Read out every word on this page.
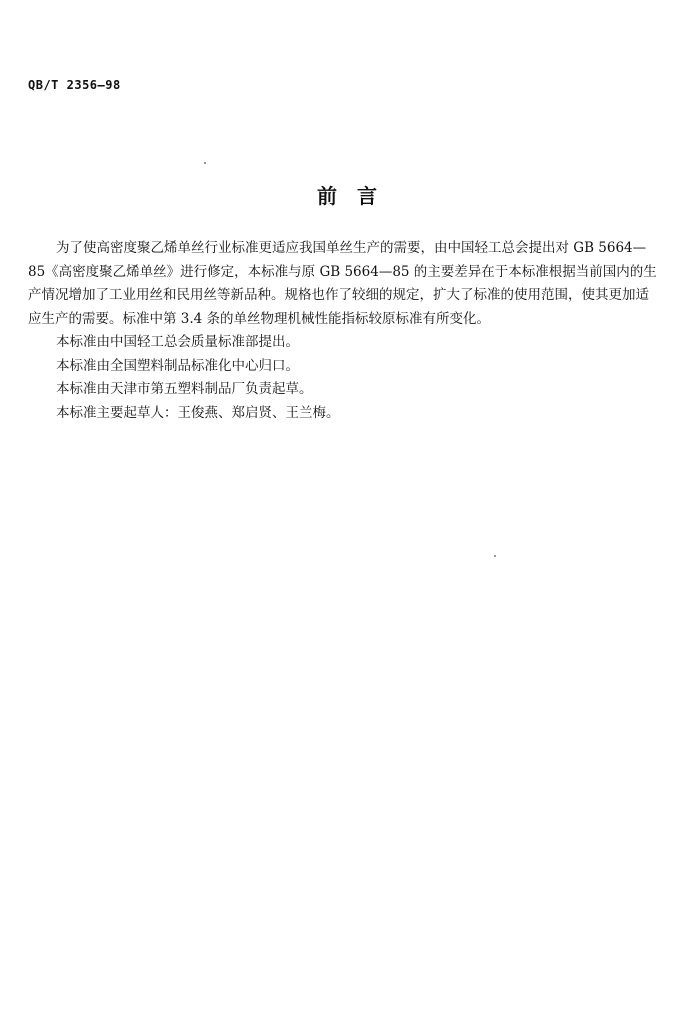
QB/T 2356—98
前言

为了使高密度聚乙烯单丝行业标准更适应我国单丝生产的需要，由中国轻工总会提出对 GB 5664—85《高密度聚乙烯单丝》进行修定，本标准与原 GB 5664—85 的主要差异在于本标准根据当前国内的生产情况增加了工业用丝和民用丝等新品种。规格也作了较细的规定，扩大了标准的使用范围，使其更加适应生产的需要。标准中第 3.4 条的单丝物理机械性能指标较原标准有所变化。

本标准由中国轻工总会质量标准部提出。

本标准由全国塑料制品标准化中心归口。

本标准由天津市第五塑料制品厂负责起草。

本标准主要起草人：王俊燕、郑启贤、王兰梅。
